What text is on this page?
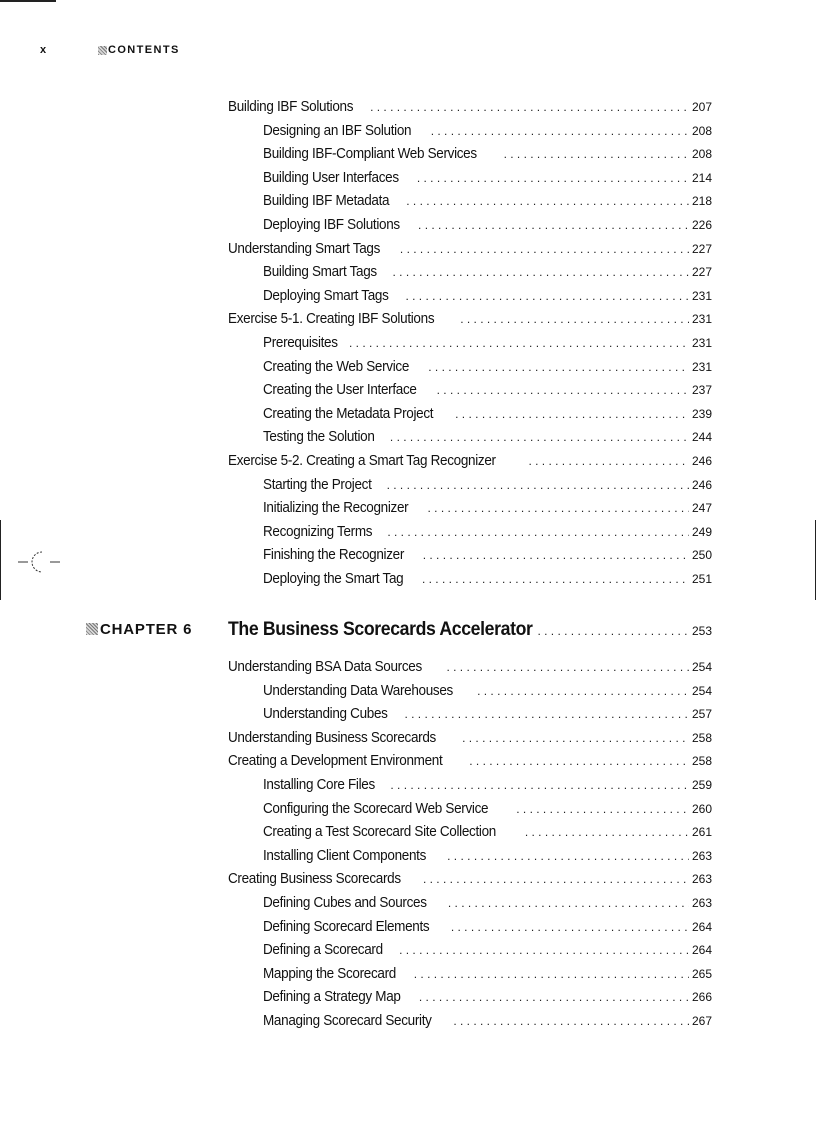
x	CONTENTS
Building IBF Solutions . . .	207
Designing an IBF Solution . . .	208
Building IBF-Compliant Web Services . . .	208
Building User Interfaces . . .	214
Building IBF Metadata . . .	218
Deploying IBF Solutions . . .	226
Understanding Smart Tags . . .	227
Building Smart Tags . . .	227
Deploying Smart Tags . . .	231
Exercise 5-1. Creating IBF Solutions . . .	231
Prerequisites . . .	231
Creating the Web Service . . .	231
Creating the User Interface . . .	237
Creating the Metadata Project . . .	239
Testing the Solution . . .	244
Exercise 5-2. Creating a Smart Tag Recognizer . . .	246
Starting the Project . . .	246
Initializing the Recognizer . . .	247
Recognizing Terms . . .	249
Finishing the Recognizer . . .	250
Deploying the Smart Tag . . .	251
CHAPTER 6 The Business Scorecards Accelerator . . .	253
Understanding BSA Data Sources . . .	254
Understanding Data Warehouses . . .	254
Understanding Cubes . . .	257
Understanding Business Scorecards . . .	258
Creating a Development Environment . . .	258
Installing Core Files . . .	259
Configuring the Scorecard Web Service . . .	260
Creating a Test Scorecard Site Collection . . .	261
Installing Client Components . . .	263
Creating Business Scorecards . . .	263
Defining Cubes and Sources . . .	263
Defining Scorecard Elements . . .	264
Defining a Scorecard . . .	264
Mapping the Scorecard . . .	265
Defining a Strategy Map . . .	266
Managing Scorecard Security . . .	267
